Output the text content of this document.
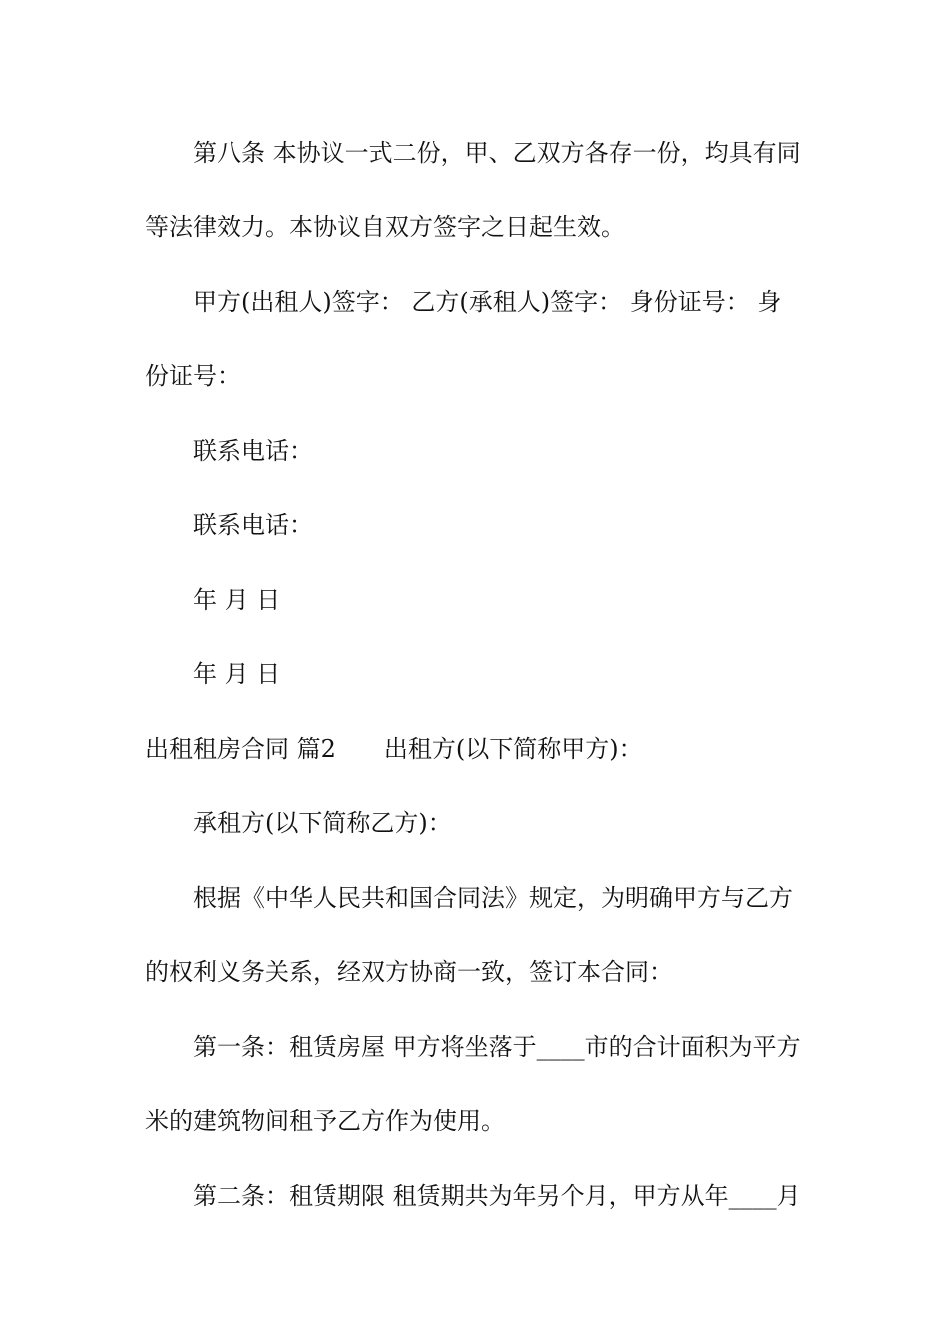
第八条 本协议一式二份，甲、乙双方各存一份，均具有同
等法律效力。本协议自双方签字之日起生效。
甲方(出租人)签字： 乙方(承租人)签字： 身份证号： 身
份证号：
联系电话：
联系电话：
年 月 日
年 月 日
出租租房合同 篇2 出租方(以下简称甲方)：
承租方(以下简称乙方)：
根据《中华人民共和国合同法》规定，为明确甲方与乙方
的权利义务关系，经双方协商一致，签订本合同：
第一条：租赁房屋 甲方将坐落于____市的合计面积为平方
米的建筑物间租予乙方作为使用。
第二条：租赁期限 租赁期共为年另个月，甲方从年____月
